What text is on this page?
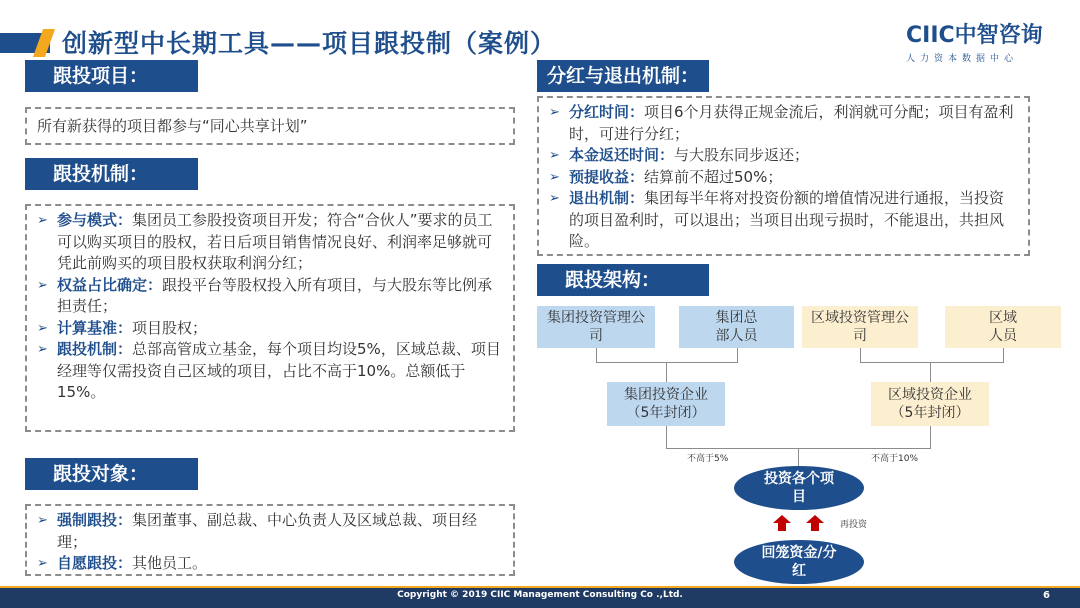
创新型中长期工具——项目跟投制（案例）	CIIC中智咨询
人力资本数据中心
跟投项目：
所有新获得的项目都参与“同心共享计划”
跟投机制：
➢ 参与模式：集团员工参股投资项目开发；符合“合伙人”要求的员工可以购买项目的股权，若日后项目销售情况良好、利润率足够就可凭此前购买的项目股权获取利润分红；
➢ 权益占比确定：跟投平台等股权投入所有项目，与大股东等比例承担责任；
➢ 计算基准：项目股权；
➢ 跟投机制：总部高管成立基金，每个项目均设5%，区域总裁、项目经理等仅需投资自己区域的项目，占比不高于10%。总额低于15%。
跟投对象：
➢ 强制跟投：集团董事、副总裁、中心负责人及区域总裁、项目经理；
➢ 自愿跟投：其他员工。
分红与退出机制：
➢ 分红时间：项目6个月获得正规金流后，利润就可分配；项目有盈利时，可进行分红；
➢ 本金返还时间：与大股东同步返还；
➢ 预提收益：结算前不超过50%；
➢ 退出机制：集团每半年将对投资份额的增值情况进行通报，当投资的项目盈利时，可以退出；当项目出现亏损时，不能退出，共担风险。
跟投架构：
集团投资管理公司
集团总部人员
区域投资管理公司
区域人员
集团投资企业
（5年封闭）
区域投资企业
（5年封闭）
不高于5%	不高于10%
投资各个项目
回笼资金/分红
再投资
Copyright © 2019 CIIC Management Consulting Co .,Ltd.	6
